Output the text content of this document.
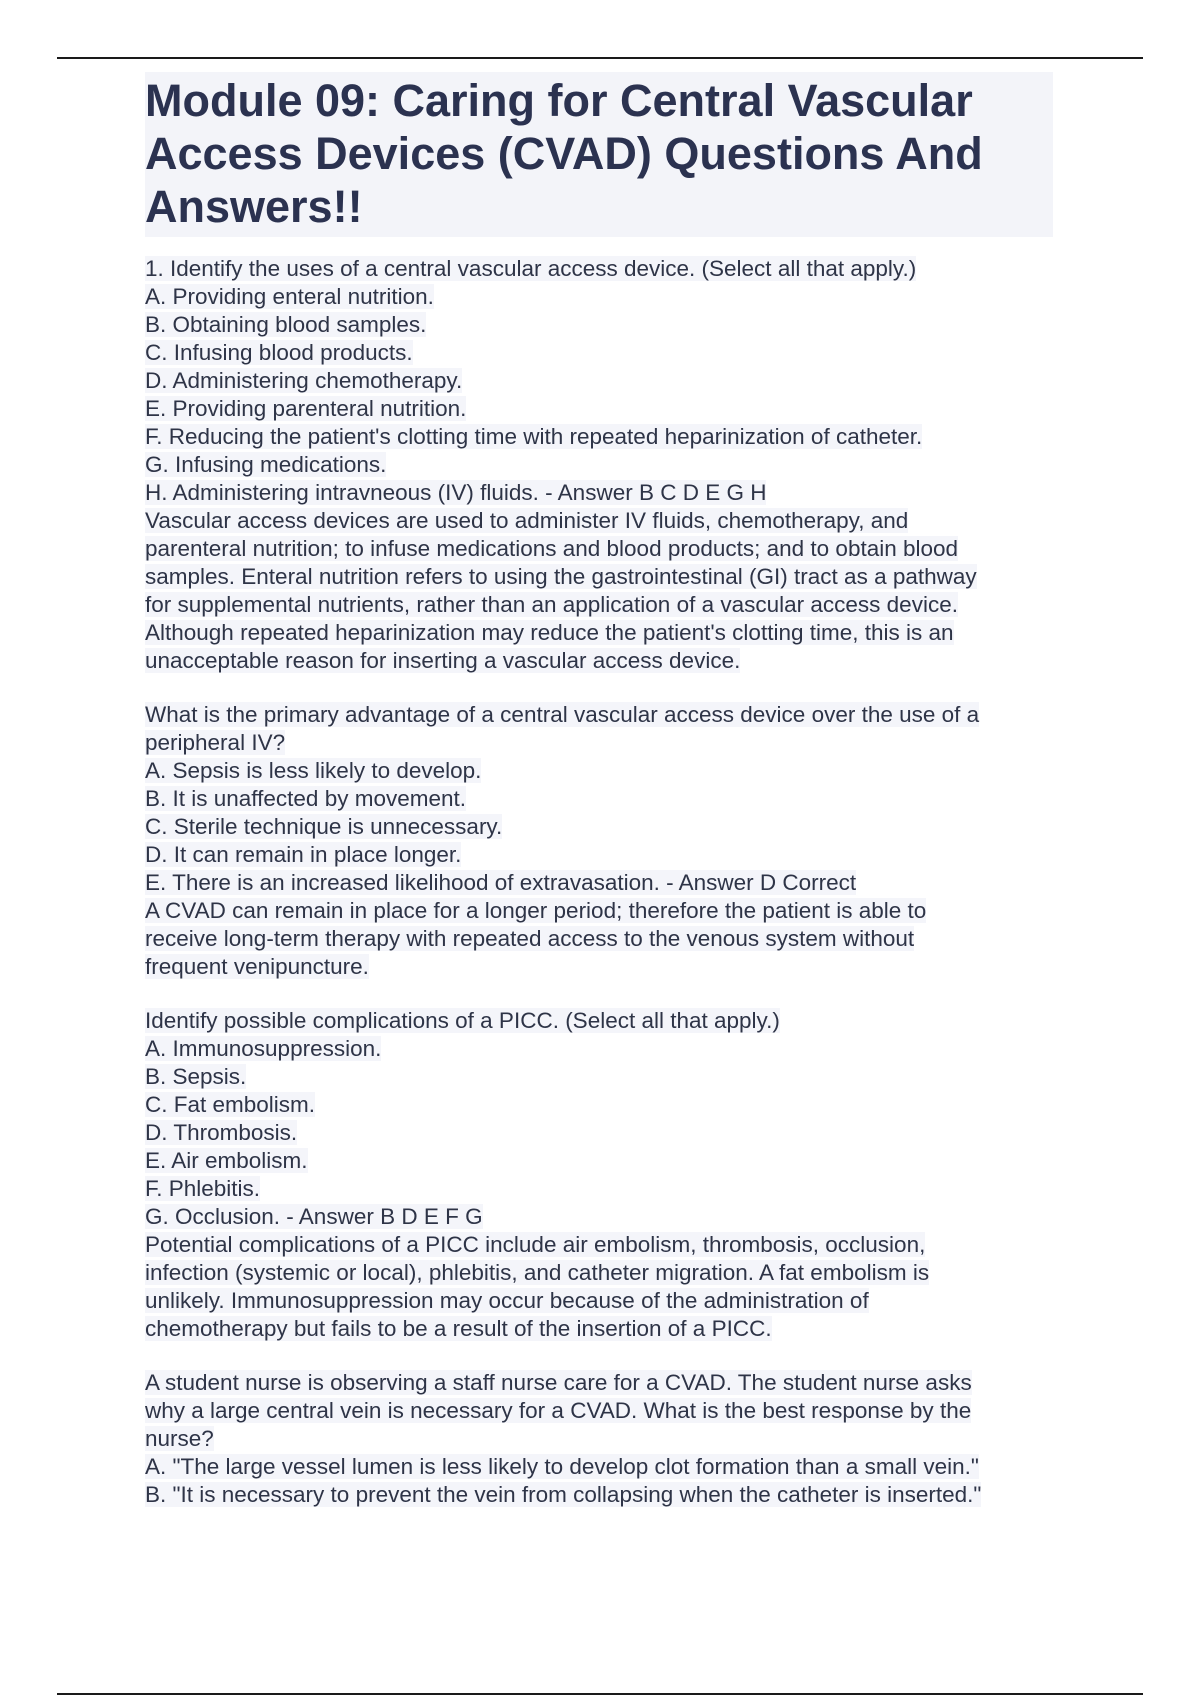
Module 09: Caring for Central Vascular Access Devices (CVAD) Questions And Answers!!
1. Identify the uses of a central vascular access device. (Select all that apply.)
A. Providing enteral nutrition.
B. Obtaining blood samples.
C. Infusing blood products.
D. Administering chemotherapy.
E. Providing parenteral nutrition.
F. Reducing the patient's clotting time with repeated heparinization of catheter.
G. Infusing medications.
H. Administering intravneous (IV) fluids. - Answer B C D E G H
Vascular access devices are used to administer IV fluids, chemotherapy, and
parenteral nutrition; to infuse medications and blood products; and to obtain blood
samples. Enteral nutrition refers to using the gastrointestinal (GI) tract as a pathway
for supplemental nutrients, rather than an application of a vascular access device.
Although repeated heparinization may reduce the patient's clotting time, this is an
unacceptable reason for inserting a vascular access device.
What is the primary advantage of a central vascular access device over the use of a
peripheral IV?
A. Sepsis is less likely to develop.
B. It is unaffected by movement.
C. Sterile technique is unnecessary.
D. It can remain in place longer.
E. There is an increased likelihood of extravasation. - Answer D Correct
A CVAD can remain in place for a longer period; therefore the patient is able to
receive long-term therapy with repeated access to the venous system without
frequent venipuncture.
Identify possible complications of a PICC. (Select all that apply.)
A. Immunosuppression.
B. Sepsis.
C. Fat embolism.
D. Thrombosis.
E. Air embolism.
F. Phlebitis.
G. Occlusion. - Answer B D E F G
Potential complications of a PICC include air embolism, thrombosis, occlusion,
infection (systemic or local), phlebitis, and catheter migration. A fat embolism is
unlikely. Immunosuppression may occur because of the administration of
chemotherapy but fails to be a result of the insertion of a PICC.
A student nurse is observing a staff nurse care for a CVAD. The student nurse asks
why a large central vein is necessary for a CVAD. What is the best response by the
nurse?
A. "The large vessel lumen is less likely to develop clot formation than a small vein."
B. "It is necessary to prevent the vein from collapsing when the catheter is inserted."
